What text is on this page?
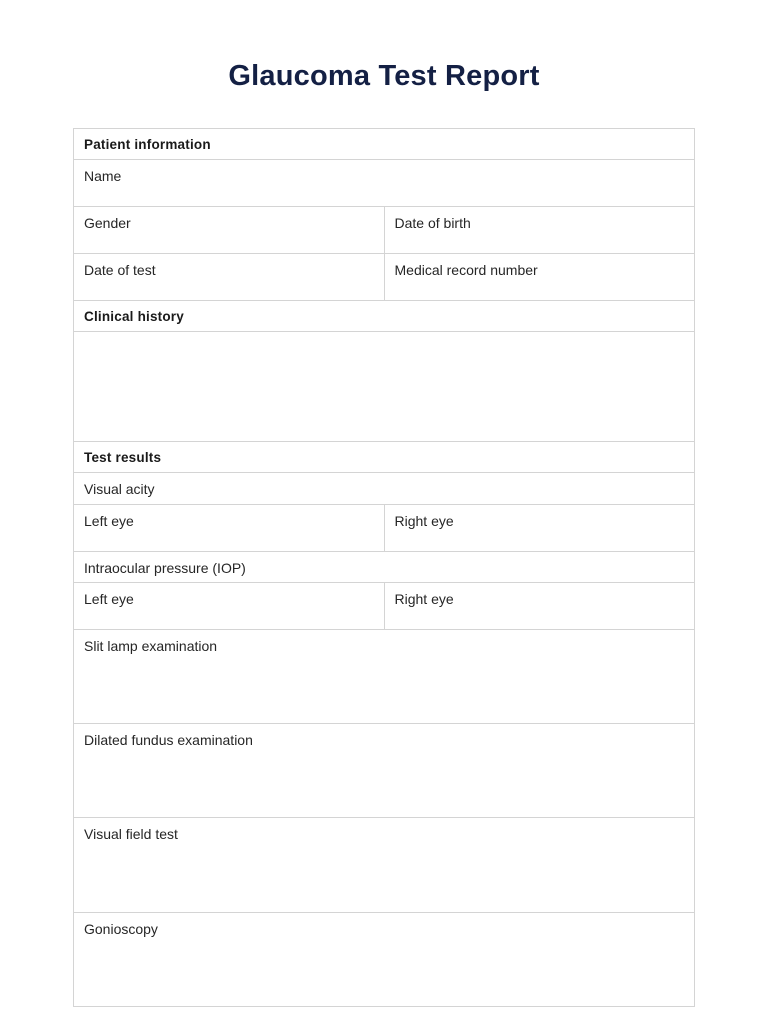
Glaucoma Test Report
Patient information
Name
Gender	Date of birth
Date of test	Medical record number
Clinical history
Test results
Visual acity
Left eye	Right eye
Intraocular pressure (IOP)
Left eye	Right eye
Slit lamp examination
Dilated fundus examination
Visual field test
Gonioscopy
